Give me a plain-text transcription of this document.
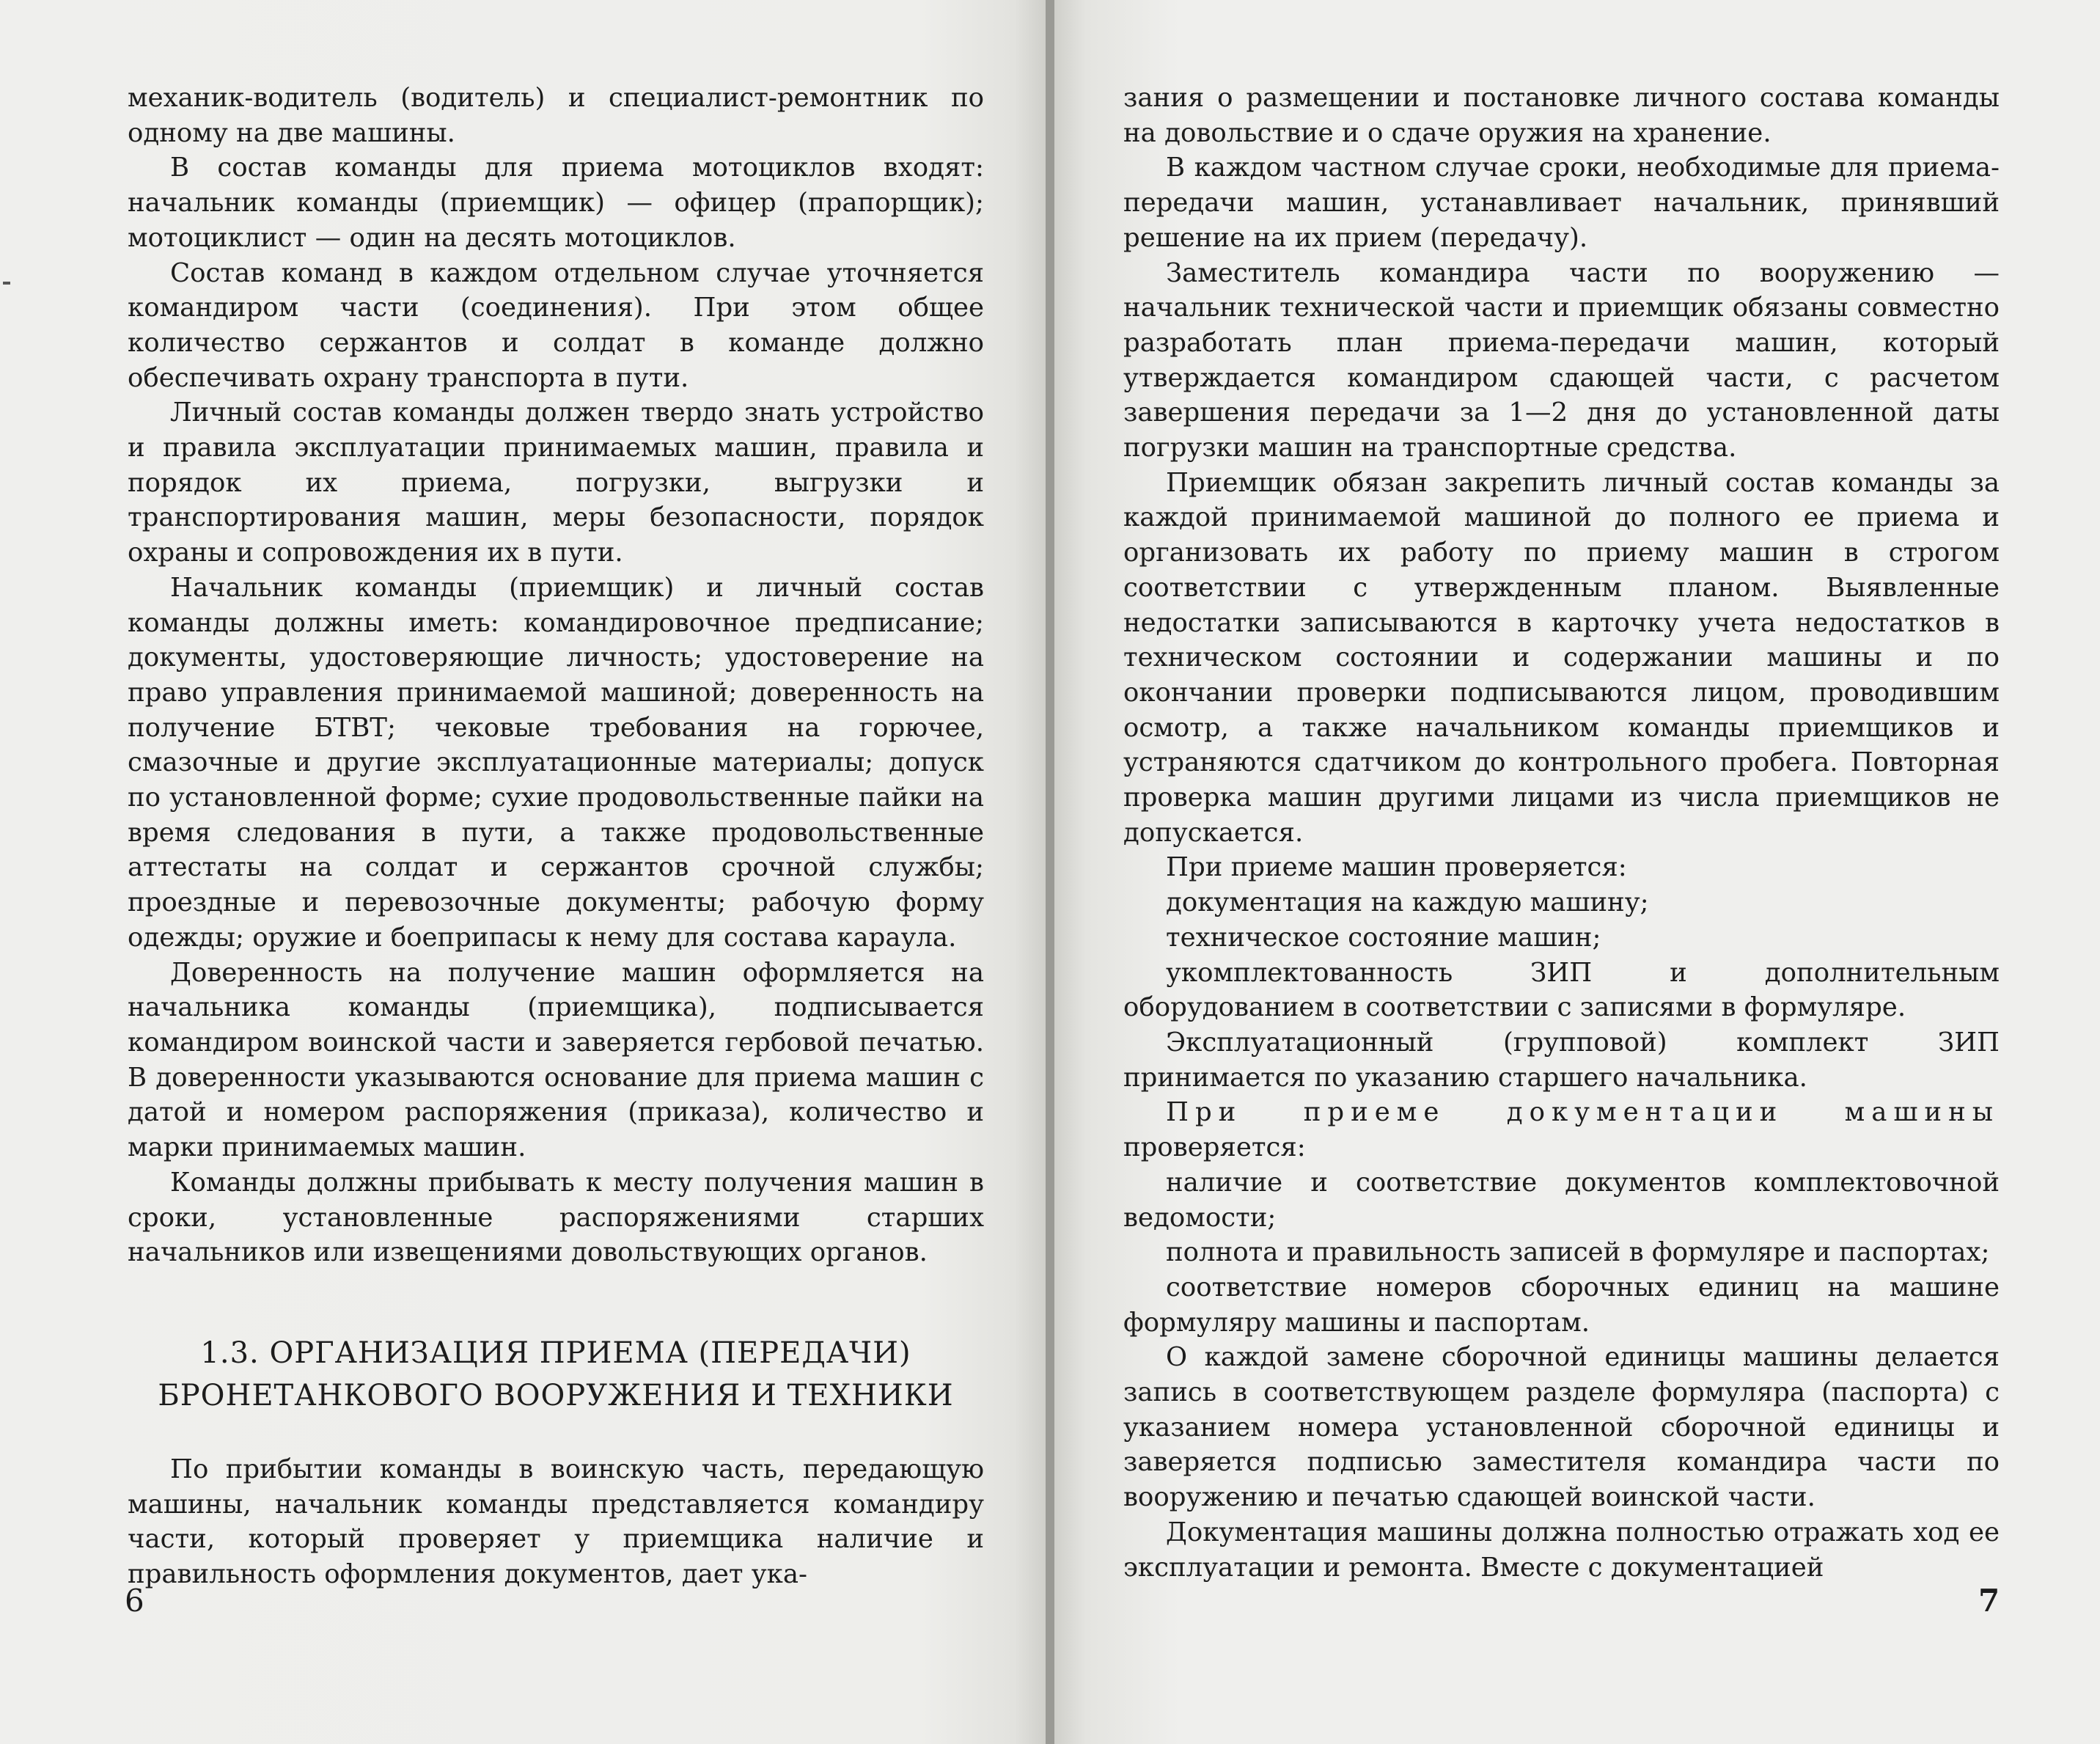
механик-водитель (водитель) и специалист-ремонтник по одному на две машины.

В состав команды для приема мотоциклов входят: начальник команды (приемщик) — офицер (прапорщик); мотоциклист — один на десять мотоциклов.

Состав команд в каждом отдельном случае уточняется командиром части (соединения). При этом общее количество сержантов и солдат в команде должно обеспечивать охрану транспорта в пути.

Личный состав команды должен твердо знать устройство и правила эксплуатации принимаемых машин, правила и порядок их приема, погрузки, выгрузки и транспортирования машин, меры безопасности, порядок охраны и сопровождения их в пути.

Начальник команды (приемщик) и личный состав команды должны иметь: командировочное предписание; документы, удостоверяющие личность; удостоверение на право управления принимаемой машиной; доверенность на получение БТВТ; чековые требования на горючее, смазочные и другие эксплуатационные материалы; допуск по установленной форме; сухие продовольственные пайки на время следования в пути, а также продовольственные аттестаты на солдат и сержантов срочной службы; проездные и перевозочные документы; рабочую форму одежды; оружие и боеприпасы к нему для состава караула.

Доверенность на получение машин оформляется на начальника команды (приемщика), подписывается командиром воинской части и заверяется гербовой печатью. В доверенности указываются основание для приема машин с датой и номером распоряжения (приказа), количество и марки принимаемых машин.

Команды должны прибывать к месту получения машин в сроки, установленные распоряжениями старших начальников или извещениями довольствующих органов.

1.3. ОРГАНИЗАЦИЯ ПРИЕМА (ПЕРЕДАЧИ)
БРОНЕТАНКОВОГО ВООРУЖЕНИЯ И ТЕХНИКИ

По прибытии команды в воинскую часть, передающую машины, начальник команды представляется командиру части, который проверяет у приемщика наличие и правильность оформления документов, дает ука-

6

зания о размещении и постановке личного состава команды на довольствие и о сдаче оружия на хранение.

В каждом частном случае сроки, необходимые для приема-передачи машин, устанавливает начальник, принявший решение на их прием (передачу).

Заместитель командира части по вооружению — начальник технической части и приемщик обязаны совместно разработать план приема-передачи машин, который утверждается командиром сдающей части, с расчетом завершения передачи за 1—2 дня до установленной даты погрузки машин на транспортные средства.

Приемщик обязан закрепить личный состав команды за каждой принимаемой машиной до полного ее приема и организовать их работу по приему машин в строгом соответствии с утвержденным планом. Выявленные недостатки записываются в карточку учета недостатков в техническом состоянии и содержании машины и по окончании проверки подписываются лицом, проводившим осмотр, а также начальником команды приемщиков и устраняются сдатчиком до контрольного пробега. Повторная проверка машин другими лицами из числа приемщиков не допускается.

При приеме машин проверяется:

документация на каждую машину;

техническое состояние машин;

укомплектованность ЗИП и дополнительным оборудованием в соответствии с записями в формуляре.

Эксплуатационный (групповой) комплект ЗИП принимается по указанию старшего начальника.

При приеме документации машины проверяется:

наличие и соответствие документов комплектовочной ведомости;

полнота и правильность записей в формуляре и паспортах;

соответствие номеров сборочных единиц на машине формуляру машины и паспортам.

О каждой замене сборочной единицы машины делается запись в соответствующем разделе формуляра (паспорта) с указанием номера установленной сборочной единицы и заверяется подписью заместителя командира части по вооружению и печатью сдающей воинской части.

Документация машины должна полностью отражать ход ее эксплуатации и ремонта. Вместе с документацией

7
